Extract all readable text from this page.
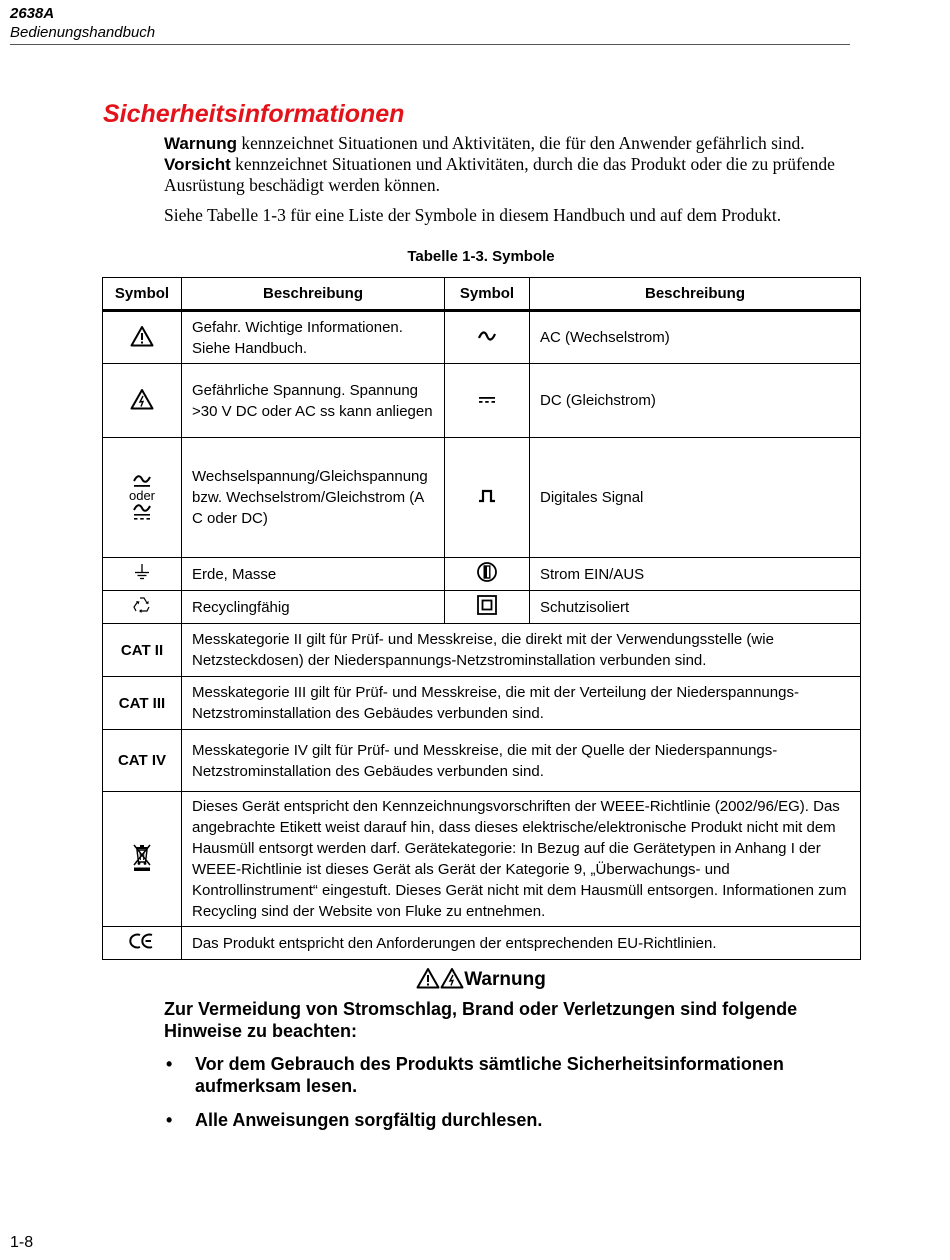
2638A
Bedienungshandbuch
Sicherheitsinformationen

Warnung kennzeichnet Situationen und Aktivitäten, die für den Anwender gefährlich sind. Vorsicht kennzeichnet Situationen und Aktivitäten, durch die das Produkt oder die zu prüfende Ausrüstung beschädigt werden können.

Siehe Tabelle 1-3 für eine Liste der Symbole in diesem Handbuch und auf dem Produkt.

Tabelle 1-3. Symbole
Symbol	Beschreibung	Symbol	Beschreibung
	Gefahr. Wichtige Informationen. Siehe Handbuch.		AC (Wechselstrom)
	Gefährliche Spannung. Spannung >30 V DC oder AC ss kann anliegen		DC (Gleichstrom)

oder	Wechselspannung/Gleichspannung bzw. Wechselstrom/Gleichstrom (AC oder DC)		Digitales Signal
	Erde, Masse		Strom EIN/AUS
	Recyclingfähig		Schutzisoliert
CAT II	Messkategorie II gilt für Prüf- und Messkreise, die direkt mit der Verwendungsstelle (wie Netzsteckdosen) der Niederspannungs-Netzstrominstallation verbunden sind.		
CAT III	Messkategorie III gilt für Prüf- und Messkreise, die mit der Verteilung der Niederspannungs-Netzstrominstallation des Gebäudes verbunden sind.		
CAT IV	Messkategorie IV gilt für Prüf- und Messkreise, die mit der Quelle der Niederspannungs-Netzstrominstallation des Gebäudes verbunden sind.		
	Dieses Gerät entspricht den Kennzeichnungsvorschriften der WEEE-Richtlinie (2002/96/EG). Das angebrachte Etikett weist darauf hin, dass dieses elektrische/elektronische Produkt nicht mit dem Hausmüll entsorgt werden darf. Gerätekategorie: In Bezug auf die Gerätetypen in Anhang I der WEEE-Richtlinie ist dieses Gerät als Gerät der Kategorie 9, „Überwachungs- und Kontrollinstrument“ eingestuft. Dieses Gerät nicht mit dem Hausmüll entsorgen. Informationen zum Recycling sind der Website von Fluke zu entnehmen.		
	Das Produkt entspricht den Anforderungen der entsprechenden EU-Richtlinien.		
Warnung
Zur Vermeidung von Stromschlag, Brand oder Verletzungen sind folgende Hinweise zu beachten:
• Vor dem Gebrauch des Produkts sämtliche Sicherheitsinformationen aufmerksam lesen.
• Alle Anweisungen sorgfältig durchlesen.
1-8
